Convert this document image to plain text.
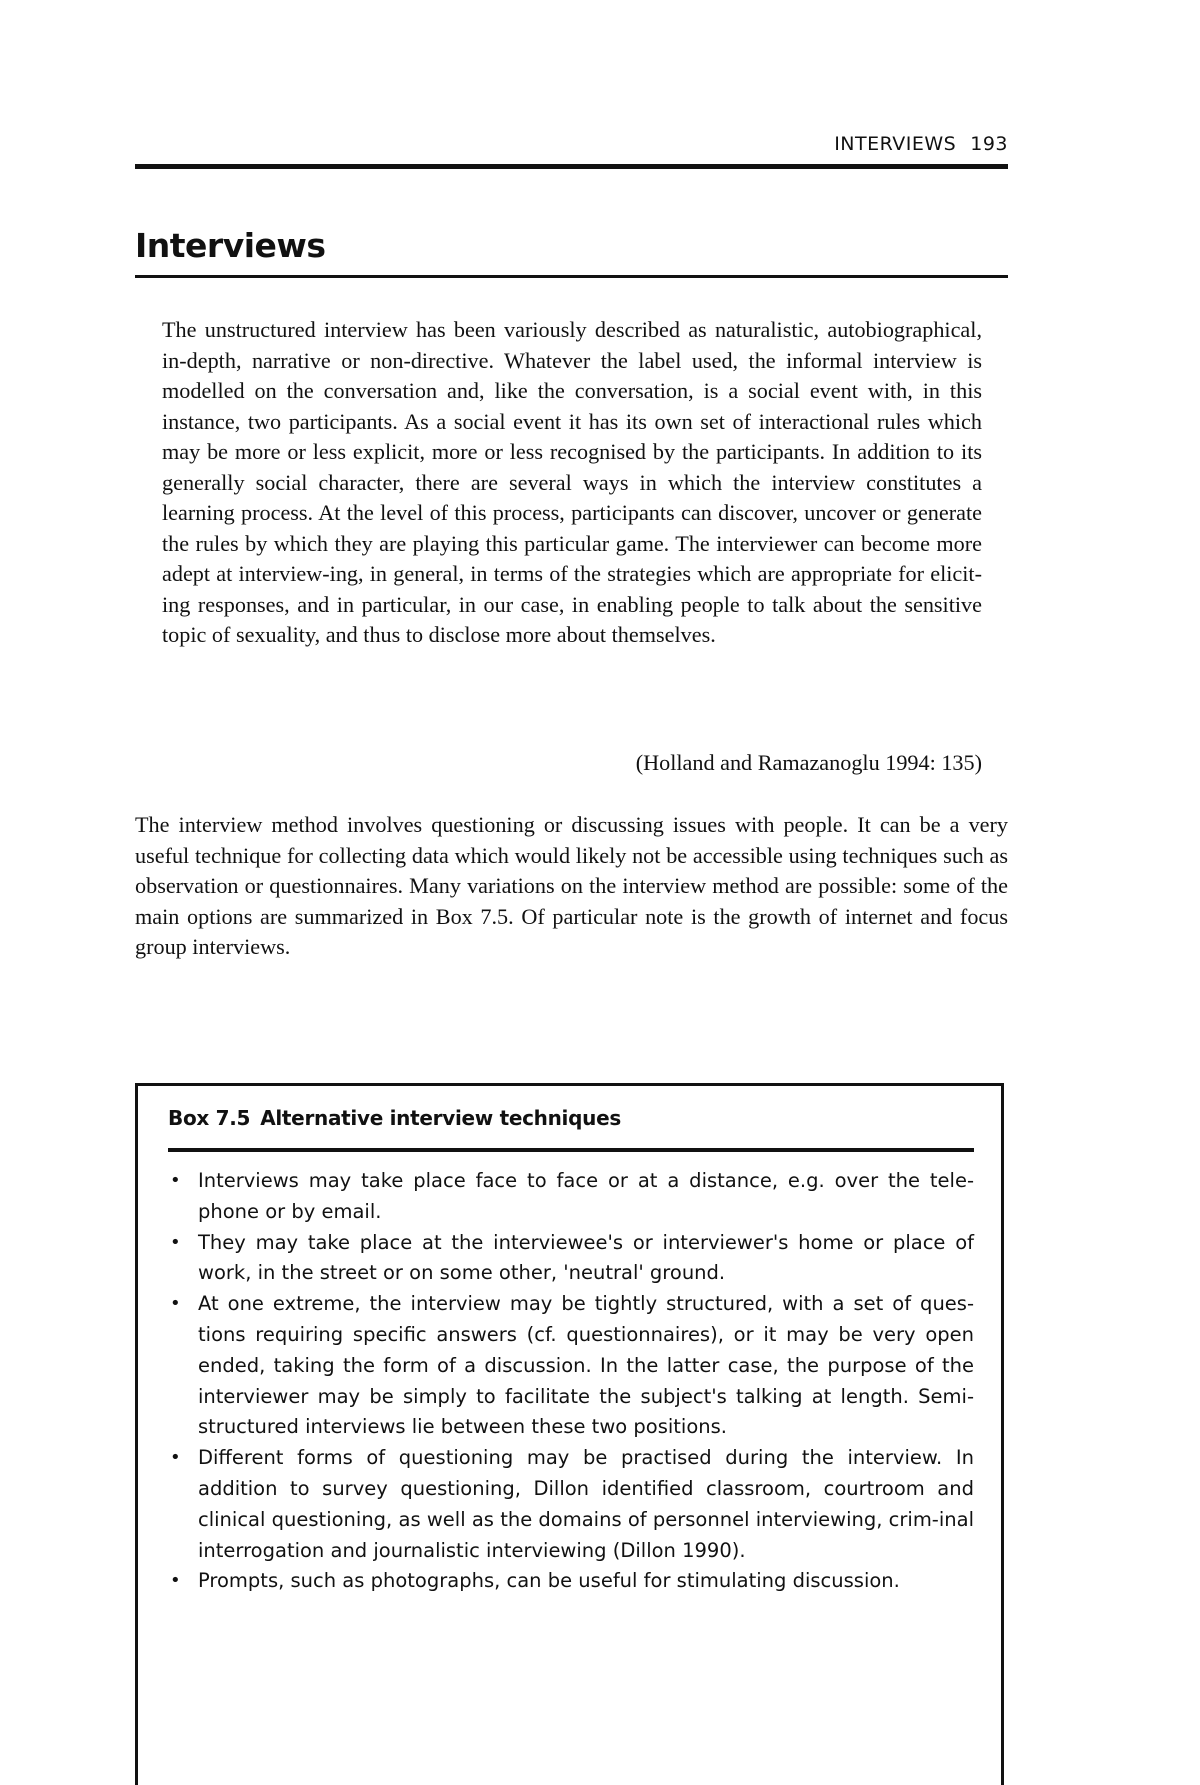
INTERVIEWS 193
Interviews

The unstructured interview has been variously described as naturalistic, autobiographical, in-depth, narrative or non-directive. Whatever the label used, the informal interview is modelled on the conversation and, like the conversation, is a social event with, in this instance, two participants. As a social event it has its own set of interactional rules which may be more or less explicit, more or less recognised by the participants. In addition to its generally social character, there are several ways in which the interview constitutes a learning process. At the level of this process, participants can discover, uncover or generate the rules by which they are playing this particular game. The interviewer can become more adept at interview-ing, in general, in terms of the strategies which are appropriate for elicit-ing responses, and in particular, in our case, in enabling people to talk about the sensitive topic of sexuality, and thus to disclose more about themselves.

(Holland and Ramazanoglu 1994: 135)

The interview method involves questioning or discussing issues with people. It can be a very useful technique for collecting data which would likely not be accessible using techniques such as observation or questionnaires. Many variations on the interview method are possible: some of the main options are summarized in Box 7.5. Of particular note is the growth of internet and focus group interviews.

Box 7.5 Alternative interview techniques
• Interviews may take place face to face or at a distance, e.g. over the tele-phone or by email.
• They may take place at the interviewee's or interviewer's home or place of work, in the street or on some other, 'neutral' ground.
• At one extreme, the interview may be tightly structured, with a set of ques-tions requiring specific answers (cf. questionnaires), or it may be very open ended, taking the form of a discussion. In the latter case, the purpose of the interviewer may be simply to facilitate the subject's talking at length. Semi-structured interviews lie between these two positions.
• Different forms of questioning may be practised during the interview. In addition to survey questioning, Dillon identified classroom, courtroom and clinical questioning, as well as the domains of personnel interviewing, crim-inal interrogation and journalistic interviewing (Dillon 1990).
• Prompts, such as photographs, can be useful for stimulating discussion.
